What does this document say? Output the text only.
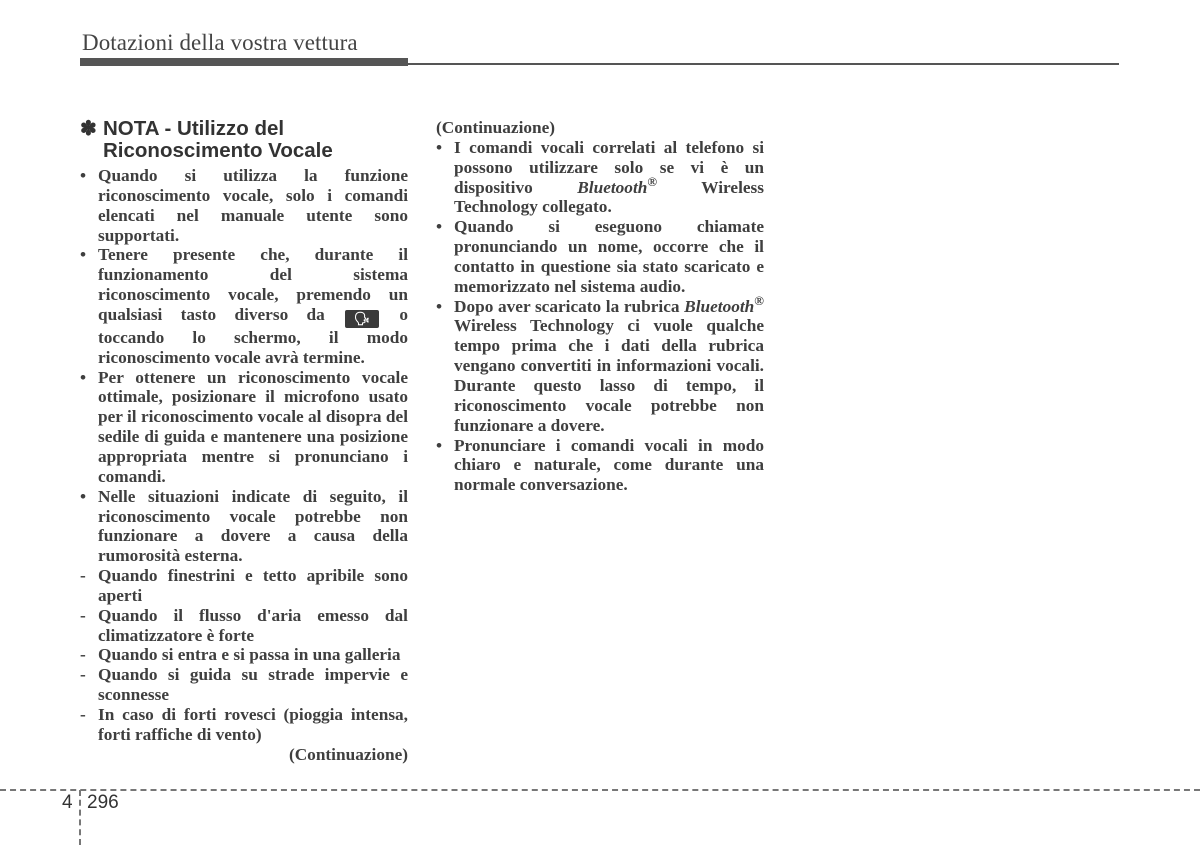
Dotazioni della vostra vettura
✽ NOTA - Utilizzo del
Riconoscimento Vocale
• Quando si utilizza la funzione riconoscimento vocale, solo i comandi elencati nel manuale utente sono supportati.
• Tenere presente che, durante il funzionamento del sistema riconoscimento vocale, premendo un qualsiasi tasto diverso da 🗣︎ o toccando lo schermo, il modo riconoscimento vocale avrà termine.
• Per ottenere un riconoscimento vocale ottimale, posizionare il microfono usato per il riconoscimento vocale al disopra del sedile di guida e mantenere una posizione appropriata mentre si pronunciano i comandi.
• Nelle situazioni indicate di seguito, il riconoscimento vocale potrebbe non funzionare a dovere a causa della rumorosità esterna.
- Quando finestrini e tetto apribile sono aperti
- Quando il flusso d'aria emesso dal climatizzatore è forte
- Quando si entra e si passa in una galleria
- Quando si guida su strade impervie e sconnesse
- In caso di forti rovesci (pioggia intensa, forti raffiche di vento)
(Continuazione)
(Continuazione)
• I comandi vocali correlati al telefono si possono utilizzare solo se vi è un dispositivo	Bluetooth®	Wireless Technology collegato.
• Quando si eseguono chiamate pronunciando un nome, occorre che il contatto in questione sia stato scaricato e memorizzato nel sistema audio.
• Dopo aver scaricato la rubrica Bluetooth® Wireless Technology ci vuole qualche tempo prima che i dati della rubrica vengano convertiti in informazioni vocali. Durante questo lasso di tempo, il riconoscimento vocale potrebbe non funzionare a dovere.
• Pronunciare i comandi vocali in modo chiaro e naturale, come durante una normale conversazione.
4 296
